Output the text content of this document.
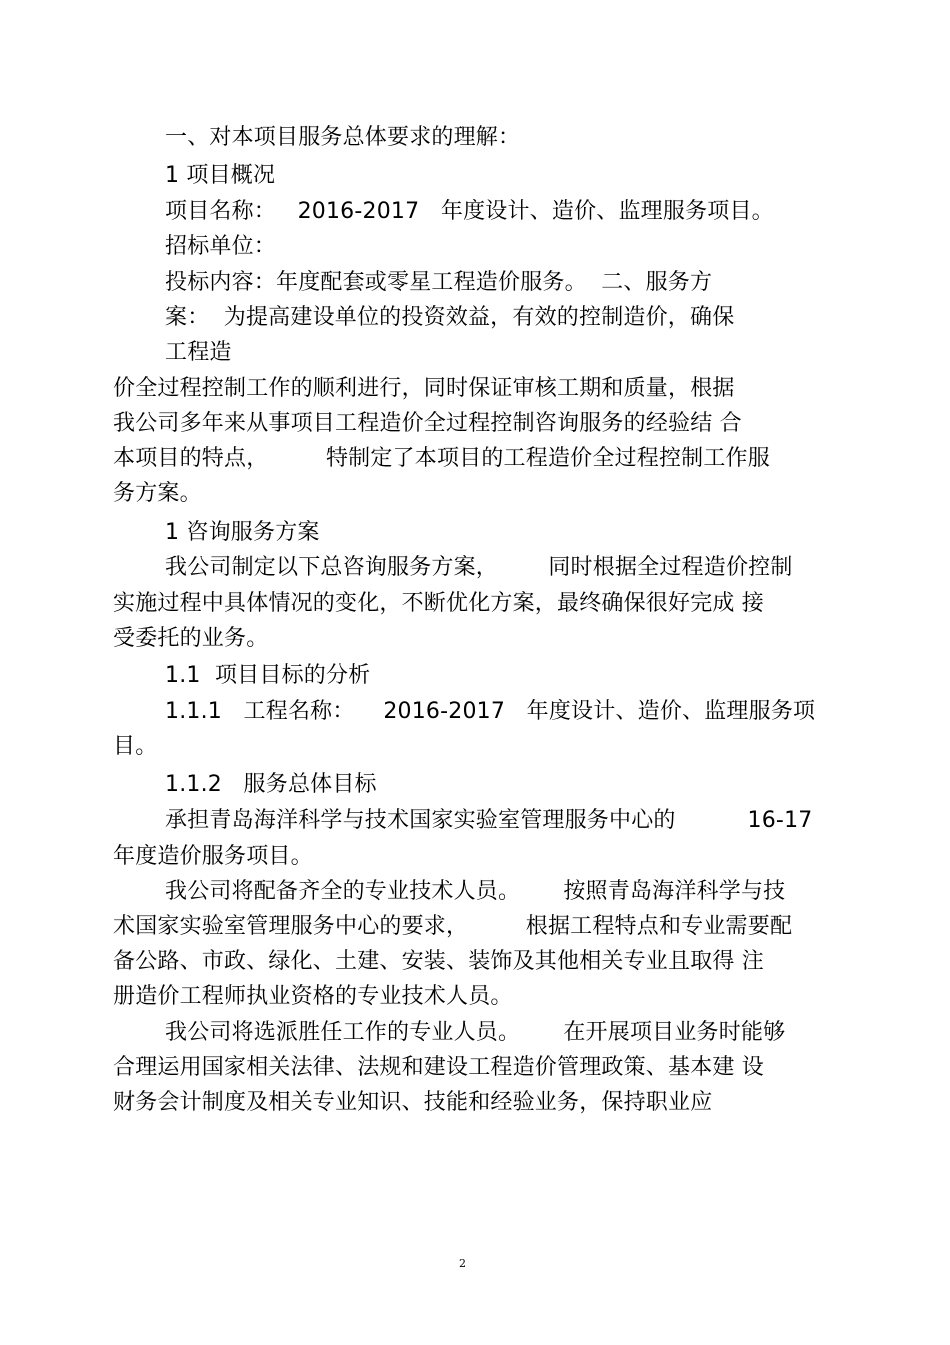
一、对本项目服务总体要求的理解：
1 项目概况
项目名称：   2016-2017   年度设计、造价、监理服务项目。
招标单位：
投标内容：年度配套或零星工程造价服务。  二、服务方
案：  为提高建设单位的投资效益，有效的控制造价，确保
工程造
价全过程控制工作的顺利进行，同时保证审核工期和质量，根据
我公司多年来从事项目工程造价全过程控制咨询服务的经验结 合
本项目的特点，        特制定了本项目的工程造价全过程控制工作服
务方案。
1 咨询服务方案
我公司制定以下总咨询服务方案，       同时根据全过程造价控制
实施过程中具体情况的变化，不断优化方案，最终确保很好完成 接
受委托的业务。
1.1  项目目标的分析
1.1.1   工程名称：    2016-2017   年度设计、造价、监理服务项
目。
1.1.2   服务总体目标
承担青岛海洋科学与技术国家实验室管理服务中心的          16-17
年度造价服务项目。
我公司将配备齐全的专业技术人员。      按照青岛海洋科学与技
术国家实验室管理服务中心的要求，        根据工程特点和专业需要配
备公路、市政、绿化、土建、安装、装饰及其他相关专业且取得 注
册造价工程师执业资格的专业技术人员。
我公司将选派胜任工作的专业人员。      在开展项目业务时能够
合理运用国家相关法律、法规和建设工程造价管理政策、基本建 设
财务会计制度及相关专业知识、技能和经验业务，保持职业应
2
